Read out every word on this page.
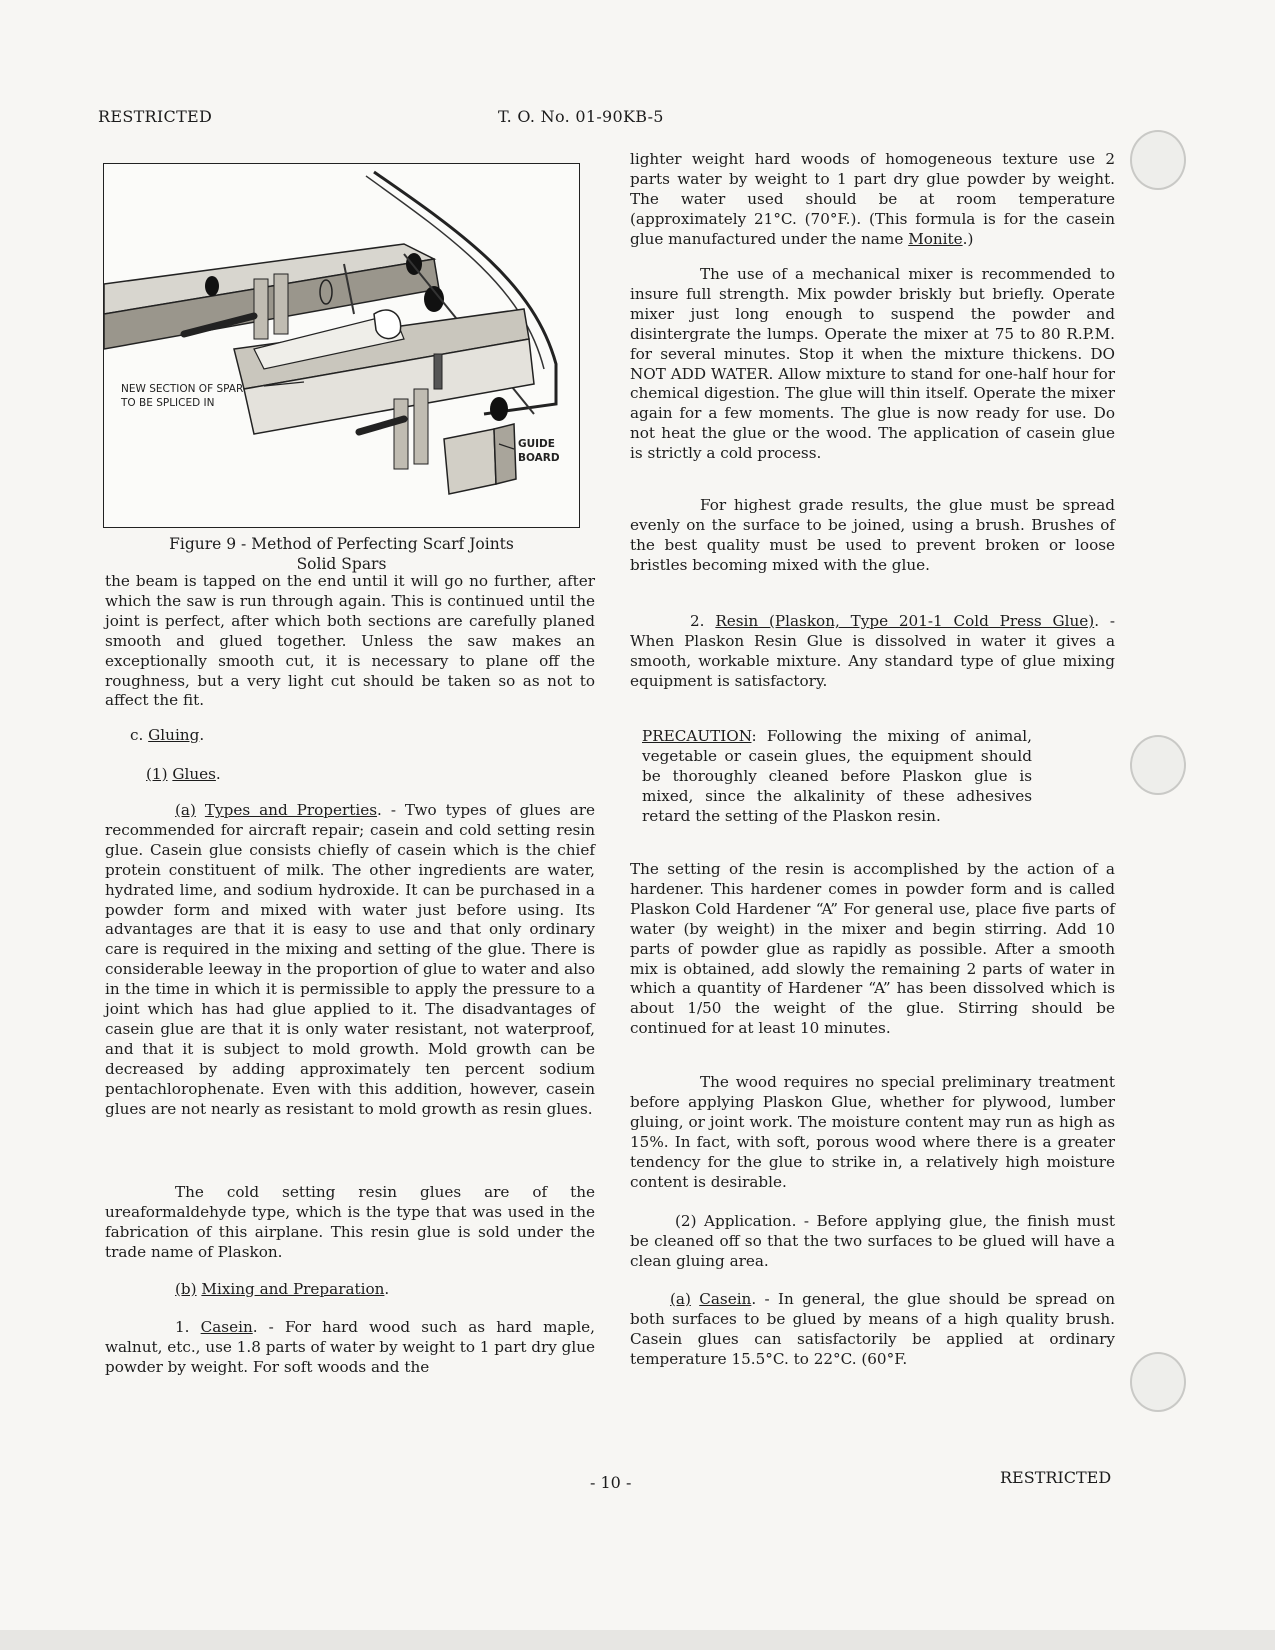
RESTRICTED	T. O. No. 01-90KB-5
NEW SECTION OF SPAR
TO BE SPLICED IN
GUIDE
BOARD
Figure 9 - Method of Perfecting Scarf Joints
Solid Spars

the beam is tapped on the end until it will go no further, after which the saw is run through again. This is continued until the joint is perfect, after which both sections are carefully planed smooth and glued together. Unless the saw makes an exceptionally smooth cut, it is necessary to plane off the roughness, but a very light cut should be taken so as not to affect the fit.

c. Gluing.
(1) Glues.

(a) Types and Properties. - Two types of glues are recommended for aircraft repair; casein and cold setting resin glue. Casein glue consists chiefly of casein which is the chief protein constituent of milk. The other ingredients are water, hydrated lime, and sodium hydroxide. It can be purchased in a powder form and mixed with water just before using. Its advantages are that it is easy to use and that only ordinary care is required in the mixing and setting of the glue. There is considerable leeway in the proportion of glue to water and also in the time in which it is permissible to apply the pressure to a joint which has had glue applied to it. The disadvantages of casein glue are that it is only water resistant, not waterproof, and that it is subject to mold growth. Mold growth can be decreased by adding approximately ten percent sodium pentachlorophenate. Even with this addition, however, casein glues are not nearly as resistant to mold growth as resin glues.

The cold setting resin glues are of the ureaformaldehyde type, which is the type that was used in the fabrication of this airplane. This resin glue is sold under the trade name of Plaskon.

(b) Mixing and Preparation.

1. Casein. - For hard wood such as hard maple, walnut, etc., use 1.8 parts of water by weight to 1 part dry glue powder by weight. For soft woods and the

lighter weight hard woods of homogeneous texture use 2 parts water by weight to 1 part dry glue powder by weight. The water used should be at room temperature (approximately 21°C. (70°F.). (This formula is for the casein glue manufactured under the name Monite.)

The use of a mechanical mixer is recommended to insure full strength. Mix powder briskly but briefly. Operate mixer just long enough to suspend the powder and disintergrate the lumps. Operate the mixer at 75 to 80 R.P.M. for several minutes. Stop it when the mixture thickens. DO NOT ADD WATER. Allow mixture to stand for one-half hour for chemical digestion. The glue will thin itself. Operate the mixer again for a few moments. The glue is now ready for use. Do not heat the glue or the wood. The application of casein glue is strictly a cold process.

For highest grade results, the glue must be spread evenly on the surface to be joined, using a brush. Brushes of the best quality must be used to prevent broken or loose bristles becoming mixed with the glue.

2. Resin (Plaskon, Type 201-1 Cold Press Glue). - When Plaskon Resin Glue is dissolved in water it gives a smooth, workable mixture. Any standard type of glue mixing equipment is satisfactory.

PRECAUTION: Following the mixing of animal, vegetable or casein glues, the equipment should be thoroughly cleaned before Plaskon glue is mixed, since the alkalinity of these adhesives retard the setting of the Plaskon resin.

The setting of the resin is accomplished by the action of a hardener. This hardener comes in powder form and is called Plaskon Cold Hardener “A” For general use, place five parts of water (by weight) in the mixer and begin stirring. Add 10 parts of powder glue as rapidly as possible. After a smooth mix is obtained, add slowly the remaining 2 parts of water in which a quantity of Hardener “A” has been dissolved which is about 1/50 the weight of the glue. Stirring should be continued for at least 10 minutes.

The wood requires no special preliminary treatment before applying Plaskon Glue, whether for plywood, lumber gluing, or joint work. The moisture content may run as high as 15%. In fact, with soft, porous wood where there is a greater tendency for the glue to strike in, a relatively high moisture content is desirable.

(2) Application. - Before applying glue, the finish must be cleaned off so that the two surfaces to be glued will have a clean gluing area.

(a) Casein. - In general, the glue should be spread on both surfaces to be glued by means of a high quality brush. Casein glues can satisfactorily be applied at ordinary temperature 15.5°C. to 22°C. (60°F.

- 10 -	RESTRICTED
